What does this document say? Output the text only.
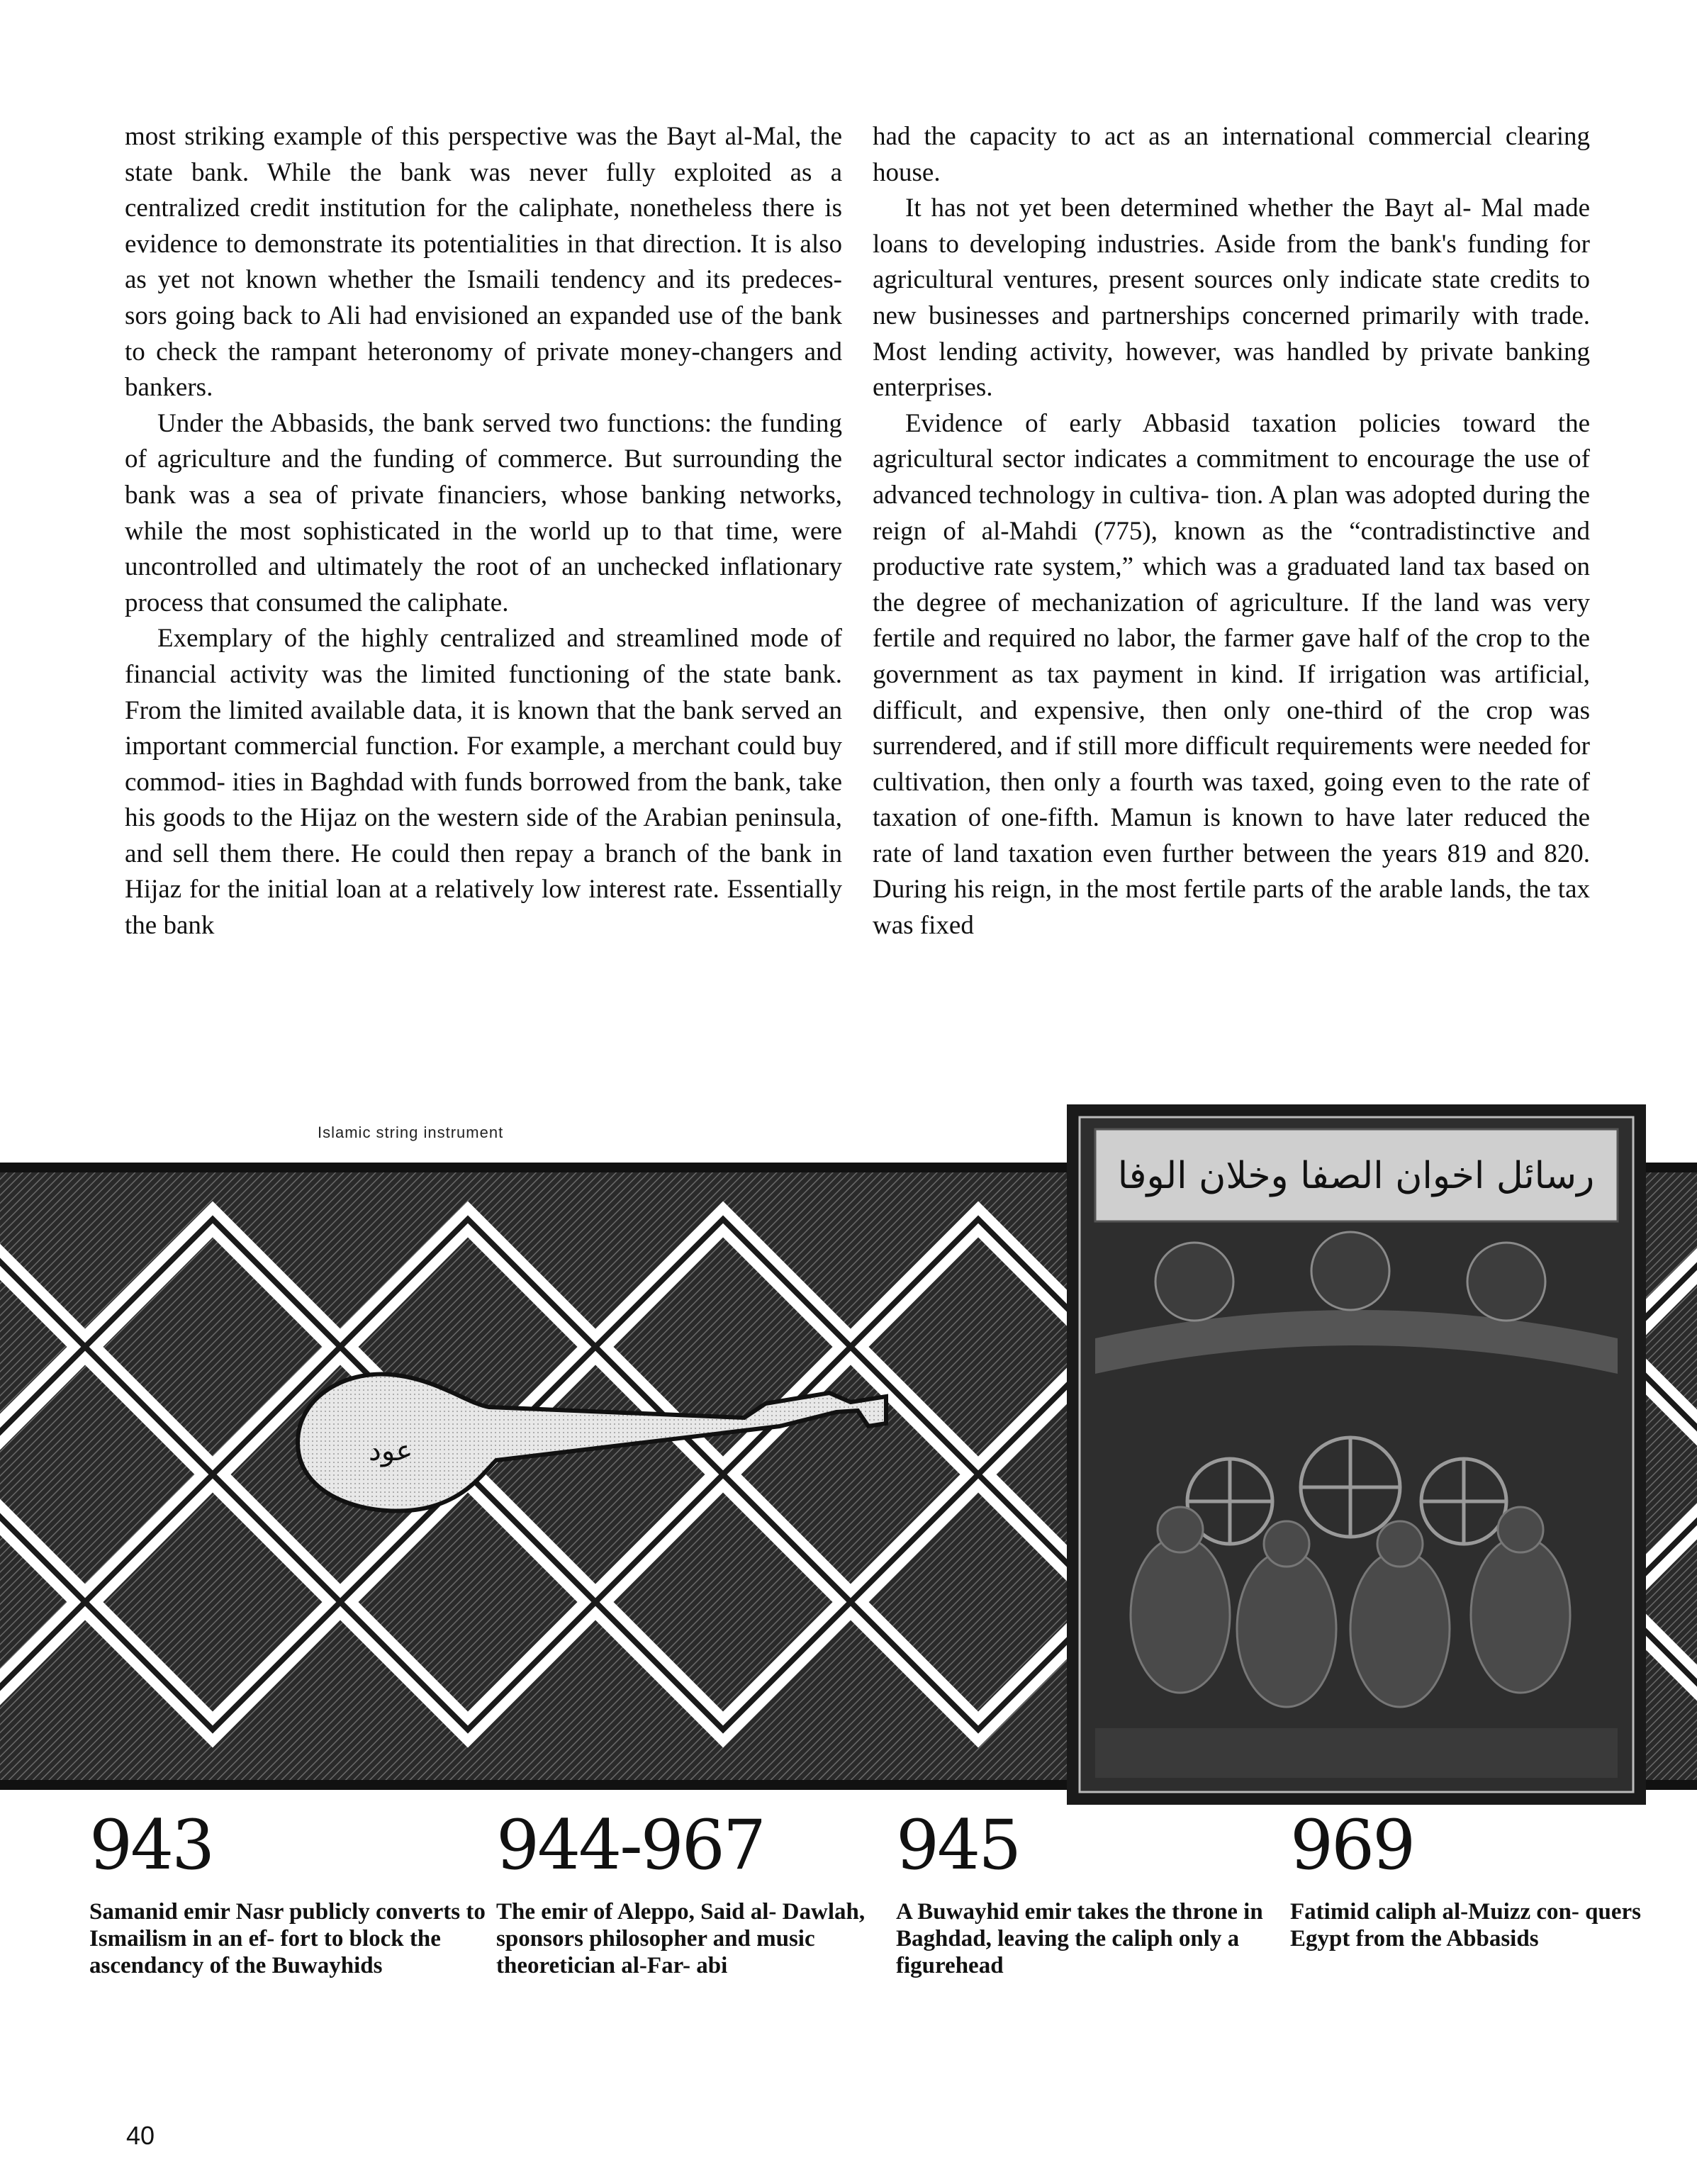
most striking example of this perspective was the Bayt al-Mal, the state bank. While the bank was never fully exploited as a centralized credit institution for the caliphate, nonetheless there is evidence to demonstrate its potentialities in that direction. It is also as yet not known whether the Ismaili tendency and its predeces- sors going back to Ali had envisioned an expanded use of the bank to check the rampant heteronomy of private money-changers and bankers.

Under the Abbasids, the bank served two functions: the funding of agriculture and the funding of commerce. But surrounding the bank was a sea of private financiers, whose banking networks, while the most sophisticated in the world up to that time, were uncontrolled and ultimately the root of an unchecked inflationary process that consumed the caliphate.

Exemplary of the highly centralized and streamlined mode of financial activity was the limited functioning of the state bank. From the limited available data, it is known that the bank served an important commercial function. For example, a merchant could buy commod- ities in Baghdad with funds borrowed from the bank, take his goods to the Hijaz on the western side of the Arabian peninsula, and sell them there. He could then repay a branch of the bank in Hijaz for the initial loan at a relatively low interest rate. Essentially the bank

had the capacity to act as an international commercial clearing house.

It has not yet been determined whether the Bayt al- Mal made loans to developing industries. Aside from the bank's funding for agricultural ventures, present sources only indicate state credits to new businesses and partnerships concerned primarily with trade. Most lending activity, however, was handled by private banking enterprises.

Evidence of early Abbasid taxation policies toward the agricultural sector indicates a commitment to encourage the use of advanced technology in cultiva- tion. A plan was adopted during the reign of al-Mahdi (775), known as the “contradistinctive and productive rate system,” which was a graduated land tax based on the degree of mechanization of agriculture. If the land was very fertile and required no labor, the farmer gave half of the crop to the government as tax payment in kind. If irrigation was artificial, difficult, and expensive, then only one-third of the crop was surrendered, and if still more difficult requirements were needed for cultivation, then only a fourth was taxed, going even to the rate of taxation of one-fifth. Mamun is known to have later reduced the rate of land taxation even further between the years 819 and 820. During his reign, in the most fertile parts of the arable lands, the tax was fixed

Islamic string instrument
عود
رسائل اخوان الصفا وخلان الوفا
943
Samanid emir Nasr publicly converts to Ismailism in an ef- fort to block the ascendancy of the Buwayhids
944-967
The emir of Aleppo, Said al- Dawlah, sponsors philosopher and music theoretician al-Far- abi
945
A Buwayhid emir takes the throne in Baghdad, leaving the caliph only a figurehead
969
Fatimid caliph al-Muizz con- quers Egypt from the Abbasids
40
